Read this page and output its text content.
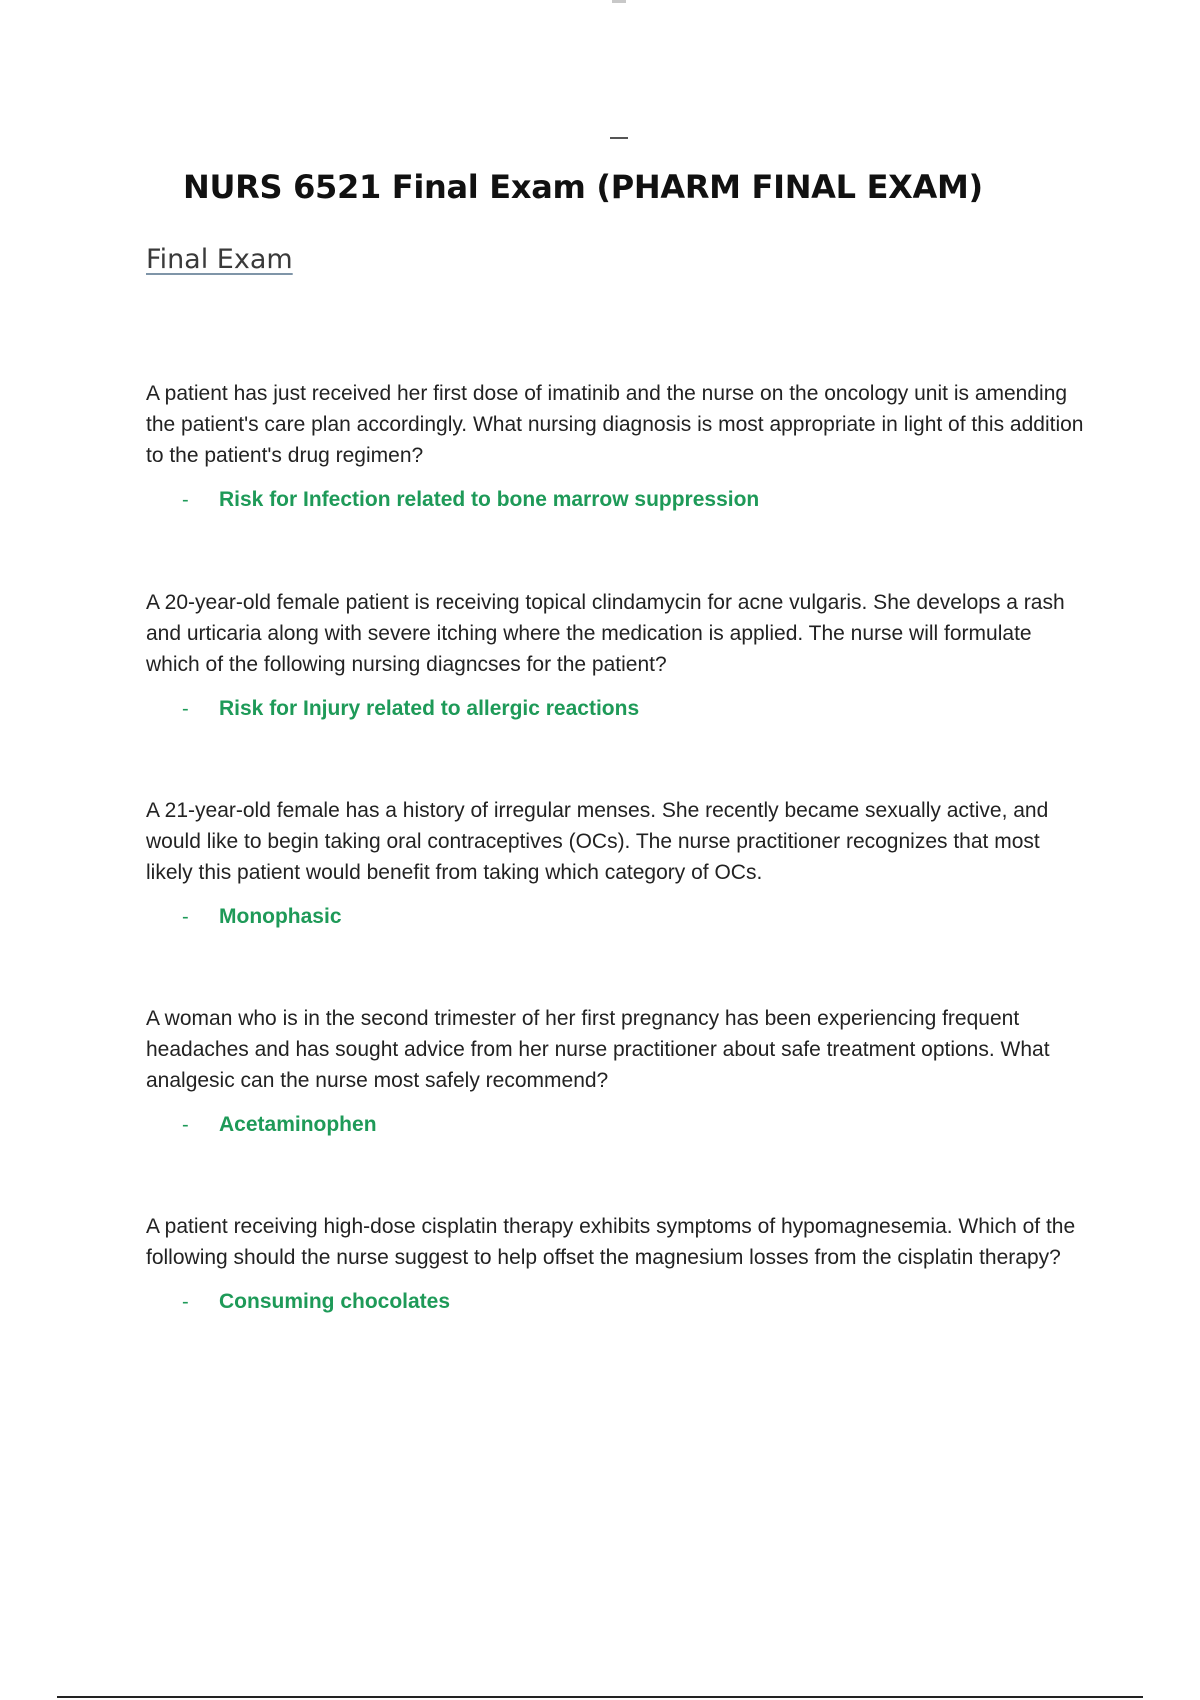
NURS 6521 Final Exam (PHARM FINAL EXAM)
Final Exam

A patient has just received her first dose of imatinib and the nurse on the oncology unit is amending the patient's care plan accordingly. What nursing diagnosis is most appropriate in light of this addition to the patient's drug regimen?

-	Risk for Infection related to bone marrow suppression

A 20-year-old female patient is receiving topical clindamycin for acne vulgaris. She develops a rash and urticaria along with severe itching where the medication is applied. The nurse will formulate which of the following nursing diagncses for the patient?

-	Risk for Injury related to allergic reactions

A 21-year-old female has a history of irregular menses. She recently became sexually active, and would like to begin taking oral contraceptives (OCs). The nurse practitioner recognizes that most likely this patient would benefit from taking which category of OCs.

-	Monophasic

A woman who is in the second trimester of her first pregnancy has been experiencing frequent headaches and has sought advice from her nurse practitioner about safe treatment options. What analgesic can the nurse most safely recommend?

-	Acetaminophen

A patient receiving high-dose cisplatin therapy exhibits symptoms of hypomagnesemia. Which of the following should the nurse suggest to help offset the magnesium losses from the cisplatin therapy?

-	Consuming chocolates
